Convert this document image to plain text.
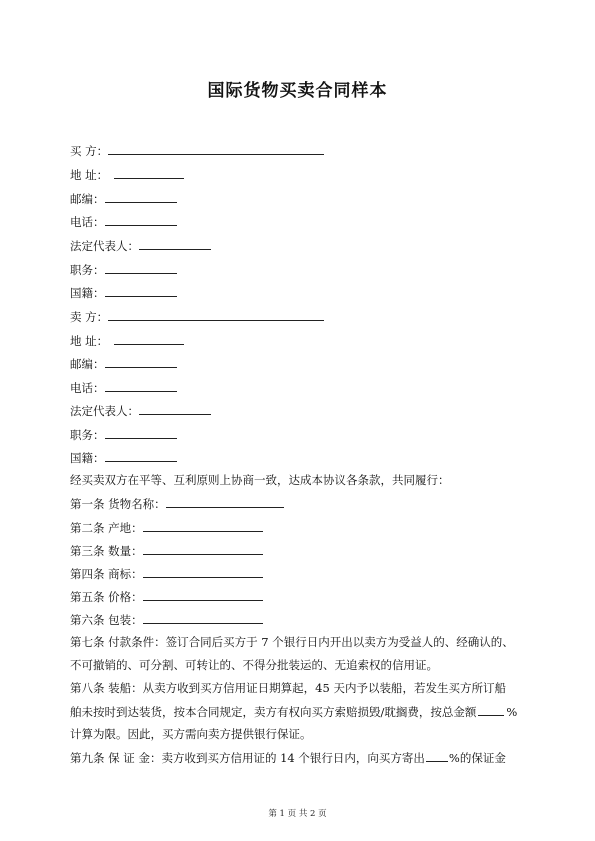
国际货物买卖合同样本
买 方：
地 址：
邮编：
电话：
法定代表人：
职务：
国籍：
卖 方：
地 址：
邮编：
电话：
法定代表人：
职务：
国籍：
经买卖双方在平等、互利原则上协商一致，达成本协议各条款，共同履行：
第一条 货物名称：
第二条 产地：
第三条 数量：
第四条 商标：
第五条 价格：
第六条 包装：
第七条 付款条件：签订合同后买方于 7 个银行日内开出以卖方为受益人的、经确认的、
不可撤销的、可分割、可转让的、不得分批装运的、无追索权的信用证。
第八条 装船：从卖方收到买方信用证日期算起，45 天内予以装船，若发生买方所订船
舶未按时到达装货，按本合同规定，卖方有权向买方索赔损毁/耽搁费，按总金额	%
计算为限。因此，买方需向卖方提供银行保证。
第九条 保 证 金：卖方收到买方信用证的 14 个银行日内，向买方寄出 %的保证金
第 1 页 共 2 页
